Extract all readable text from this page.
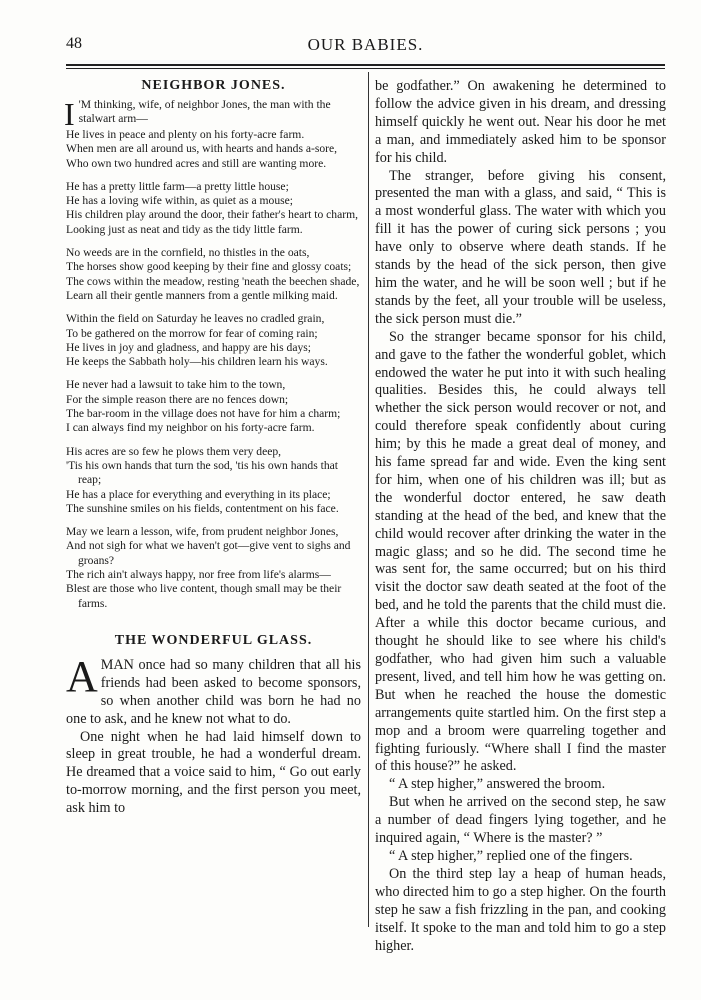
48	OUR BABIES.
NEIGHBOR JONES.
I 'M thinking, wife, of neighbor Jones, the man with the stalwart arm—
He lives in peace and plenty on his forty-acre farm.
When men are all around us, with hearts and hands a-sore,
Who own two hundred acres and still are wanting more.
He has a pretty little farm—a pretty little house;
He has a loving wife within, as quiet as a mouse;
His children play around the door, their father's heart to charm,
Looking just as neat and tidy as the tidy little farm.
No weeds are in the cornfield, no thistles in the oats,
The horses show good keeping by their fine and glossy coats;
The cows within the meadow, resting 'neath the beechen shade,
Learn all their gentle manners from a gentle milking maid.
Within the field on Saturday he leaves no cradled grain,
To be gathered on the morrow for fear of coming rain;
He lives in joy and gladness, and happy are his days;
He keeps the Sabbath holy—his children learn his ways.
He never had a lawsuit to take him to the town,
For the simple reason there are no fences down;
The bar-room in the village does not have for him a charm;
I can always find my neighbor on his forty-acre farm.
His acres are so few he plows them very deep,
'Tis his own hands that turn the sod, 'tis his own hands that reap;
He has a place for everything and everything in its place;
The sunshine smiles on his fields, contentment on his face.
May we learn a lesson, wife, from prudent neighbor Jones,
And not sigh for what we haven't got—give vent to sighs and groans?
The rich ain't always happy, nor free from life's alarms—
Blest are those who live content, though small may be their farms.
THE WONDERFUL GLASS.

A MAN once had so many children that all his friends had been asked to become sponsors, so when another child was born he had no one to ask, and he knew not what to do.

One night when he had laid himself down to sleep in great trouble, he had a wonderful dream. He dreamed that a voice said to him, “ Go out early to-morrow morning, and the first person you meet, ask him to

be godfather.” On awakening he determined to follow the advice given in his dream, and dressing himself quickly he went out. Near his door he met a man, and immediately asked him to be sponsor for his child.

The stranger, before giving his consent, presented the man with a glass, and said, “ This is a most wonderful glass. The water with which you fill it has the power of curing sick persons ; you have only to observe where death stands. If he stands by the head of the sick person, then give him the water, and he will be soon well ; but if he stands by the feet, all your trouble will be useless, the sick person must die.”

So the stranger became sponsor for his child, and gave to the father the wonderful goblet, which endowed the water he put into it with such healing qualities. Besides this, he could always tell whether the sick person would recover or not, and could therefore speak confidently about curing him; by this he made a great deal of money, and his fame spread far and wide. Even the king sent for him, when one of his children was ill; but as the wonderful doctor entered, he saw death standing at the head of the bed, and knew that the child would recover after drinking the water in the magic glass; and so he did. The second time he was sent for, the same occurred; but on his third visit the doctor saw death seated at the foot of the bed, and he told the parents that the child must die. After a while this doctor became curious, and thought he should like to see where his child's godfather, who had given him such a valuable present, lived, and tell him how he was getting on. But when he reached the house the domestic arrangements quite startled him. On the first step a mop and a broom were quarreling together and fighting furiously. “Where shall I find the master of this house?” he asked.

“ A step higher,” answered the broom.

But when he arrived on the second step, he saw a number of dead fingers lying together, and he inquired again, “ Where is the master? ”

“ A step higher,” replied one of the fingers.

On the third step lay a heap of human heads, who directed him to go a step higher. On the fourth step he saw a fish frizzling in the pan, and cooking itself. It spoke to the man and told him to go a step higher.
